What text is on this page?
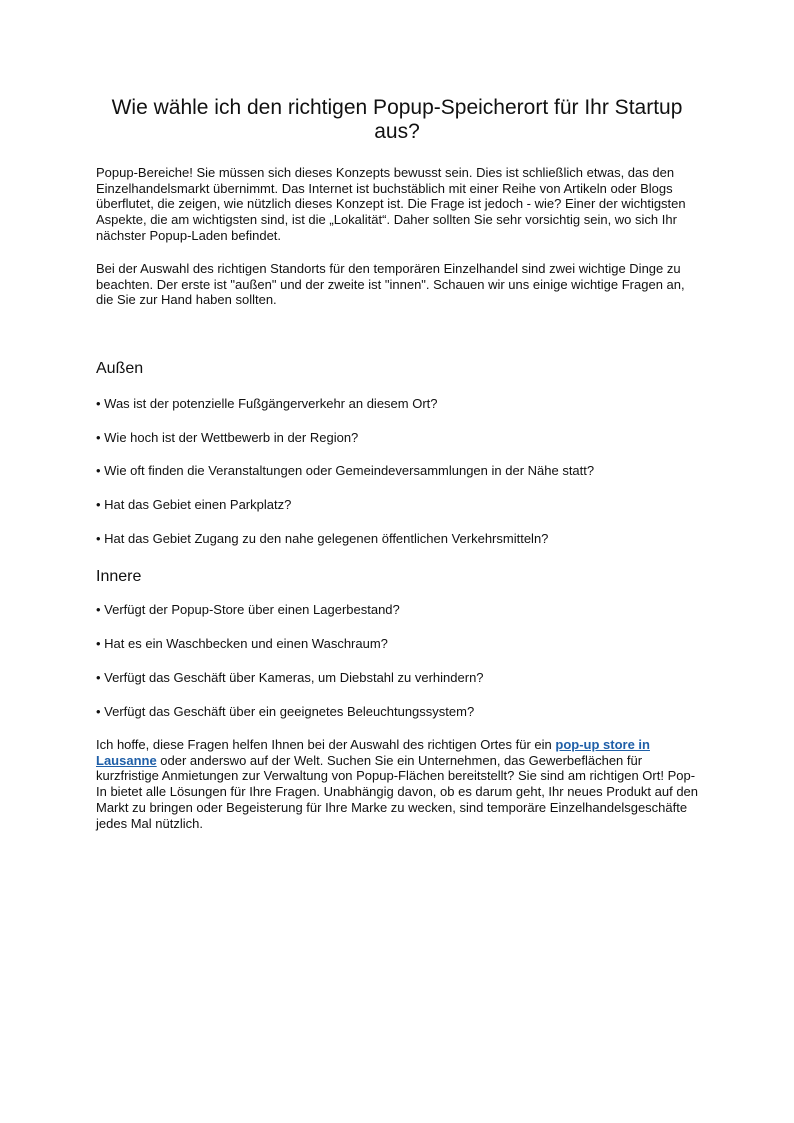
Wie wähle ich den richtigen Popup-Speicherort für Ihr Startup aus?

Popup-Bereiche! Sie müssen sich dieses Konzepts bewusst sein. Dies ist schließlich etwas, das den Einzelhandelsmarkt übernimmt. Das Internet ist buchstäblich mit einer Reihe von Artikeln oder Blogs überflutet, die zeigen, wie nützlich dieses Konzept ist. Die Frage ist jedoch - wie? Einer der wichtigsten Aspekte, die am wichtigsten sind, ist die „Lokalität“. Daher sollten Sie sehr vorsichtig sein, wo sich Ihr nächster Popup-Laden befindet.

Bei der Auswahl des richtigen Standorts für den temporären Einzelhandel sind zwei wichtige Dinge zu beachten. Der erste ist "außen" und der zweite ist "innen". Schauen wir uns einige wichtige Fragen an, die Sie zur Hand haben sollten.

Außen

• Was ist der potenzielle Fußgängerverkehr an diesem Ort?

• Wie hoch ist der Wettbewerb in der Region?

• Wie oft finden die Veranstaltungen oder Gemeindeversammlungen in der Nähe statt?

• Hat das Gebiet einen Parkplatz?

• Hat das Gebiet Zugang zu den nahe gelegenen öffentlichen Verkehrsmitteln?

Innere

• Verfügt der Popup-Store über einen Lagerbestand?

• Hat es ein Waschbecken und einen Waschraum?

• Verfügt das Geschäft über Kameras, um Diebstahl zu verhindern?

• Verfügt das Geschäft über ein geeignetes Beleuchtungssystem?

Ich hoffe, diese Fragen helfen Ihnen bei der Auswahl des richtigen Ortes für ein pop-up store in Lausanne oder anderswo auf der Welt. Suchen Sie ein Unternehmen, das Gewerbeflächen für kurzfristige Anmietungen zur Verwaltung von Popup-Flächen bereitstellt? Sie sind am richtigen Ort! Pop-In bietet alle Lösungen für Ihre Fragen. Unabhängig davon, ob es darum geht, Ihr neues Produkt auf den Markt zu bringen oder Begeisterung für Ihre Marke zu wecken, sind temporäre Einzelhandelsgeschäfte jedes Mal nützlich.
